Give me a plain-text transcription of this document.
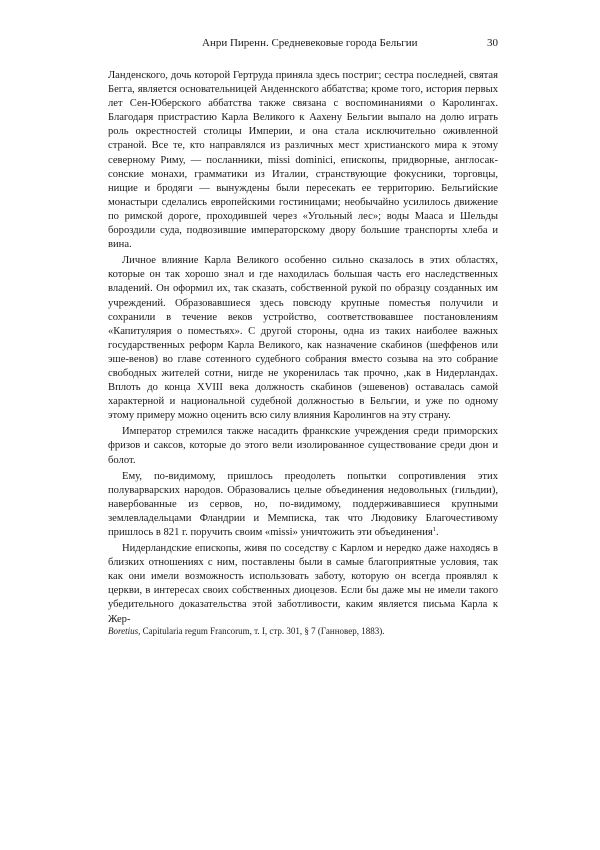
Анри Пиренн. Средневековые города Бельгии	30

Ланденского, дочь которой Гертруда приняла здесь постриг; сестра последней, святая Бегга, является основательницей Анденнского аббатства; кроме того, история первых лет Сен-Юберского аббатства также связана с воспоминаниями о Каролингах. Благодаря пристрастию Карла Великого к Аахену Бельгии выпало на долю играть роль окрестностей столицы Империи, и она стала исключительно оживленной страной. Все те, кто направлялся из различных мест христианского мира к этому северному Риму, — посланники, missi dominici, епископы, придворные, англосаксонские монахи, грамматики из Италии, странствующие фокусники, торговцы, нищие и бродяги — вынуждены были пересекать ее территорию. Бельгийские монастыри сделались европейскими гостиницами; необычайно усилилось движение по римской дороге, проходившей через «Угольный лес»; воды Мааса и Шельды бороздили суда, подвозившие императорскому двору большие транспорты хлеба и вина.

Личное влияние Карла Великого особенно сильно сказалось в этих областях, которые он так хорошо знал и где находилась большая часть его наследственных владений. Он оформил их, так сказать, собственной рукой по образцу созданных им учреждений. Образовавшиеся здесь повсюду крупные поместья получили и сохранили в течение веков устройство, соответствовавшее постановлениям «Капитулярия о поместьях». С другой стороны, одна из таких наиболее важных государственных реформ Карла Великого, как назначение скабинов (шеффенов или эше-венов) во главе сотенного судебного собрания вместо созыва на это собрание свободных жителей сотни, нигде не укоренилась так прочно, ,как в Нидерландах. Вплоть до конца XVIII века должность скабинов (эшевенов) оставалась самой характерной и национальной судебной должностью в Бельгии, и уже по одному этому примеру можно оценить всю силу влияния Каролингов на эту страну.

Император стремился также насадить франкские учреждения среди приморских фризов и саксов, которые до этого вели изолированное существование среди дюн и болот.

Ему, по-видимому, пришлось преодолеть попытки сопротивления этих полуварварских народов. Образовались целые объединения недовольных (гильдии), навербованные из сервов, но, по-видимому, поддерживавшиеся крупными землевладельцами Фландрии и Мемписка, так что Людовику Благочестивому пришлось в 821 г. поручить своим «missi» уничтожить эти объединения$^1$.

Нидерландские епископы, живя по соседству с Карлом и нередко даже находясь в близких отношениях с ним, поставлены были в самые благоприятные условия, так как они имели возможность использовать заботу, которую он всегда проявлял к церкви, в интересах своих собственных диоцезов. Если бы даже мы не имели такого убедительного доказательства этой заботливости, каким является письма Карла к Жер-

Boretius, Capitularia regum Francorum, т. I, стр. 301, § 7 (Ганновер, 1883).
